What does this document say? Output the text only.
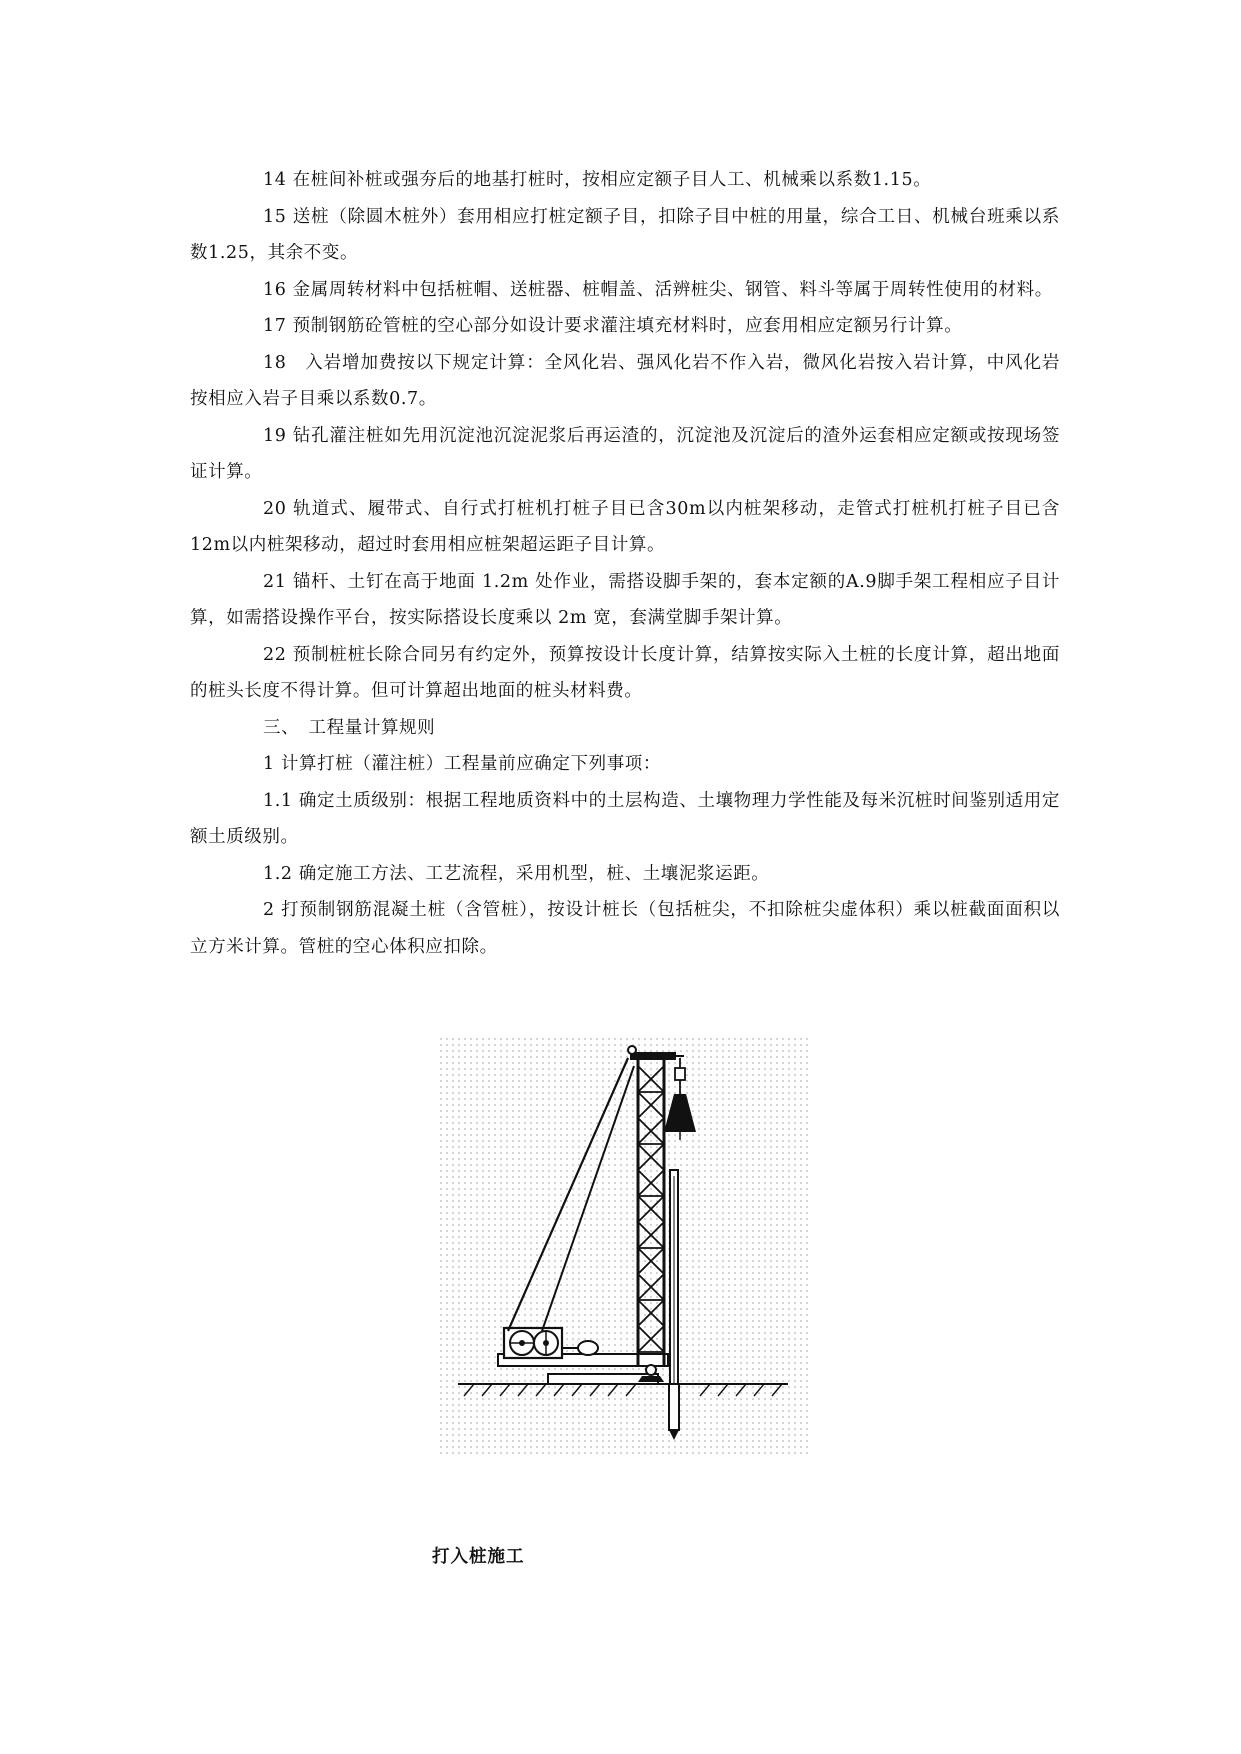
14 在桩间补桩或强夯后的地基打桩时，按相应定额子目人工、机械乘以系数1.15。

15 送桩（除圆木桩外）套用相应打桩定额子目，扣除子目中桩的用量，综合工日、机械台班乘以系数1.25，其余不变。

16 金属周转材料中包括桩帽、送桩器、桩帽盖、活辨桩尖、钢管、料斗等属于周转性使用的材料。

17 预制钢筋砼管桩的空心部分如设计要求灌注填充材料时，应套用相应定额另行计算。

18　入岩增加费按以下规定计算：全风化岩、强风化岩不作入岩，微风化岩按入岩计算，中风化岩按相应入岩子目乘以系数0.7。

19 钻孔灌注桩如先用沉淀池沉淀泥浆后再运渣的，沉淀池及沉淀后的渣外运套相应定额或按现场签证计算。

20 轨道式、履带式、自行式打桩机打桩子目已含30m以内桩架移动，走管式打桩机打桩子目已含12m以内桩架移动，超过时套用相应桩架超运距子目计算。

21 锚杆、土钉在高于地面 1.2m 处作业，需搭设脚手架的，套本定额的A.9脚手架工程相应子目计算，如需搭设操作平台，按实际搭设长度乘以 2m 宽，套满堂脚手架计算。

22 预制桩桩长除合同另有约定外，预算按设计长度计算，结算按实际入土桩的长度计算，超出地面的桩头长度不得计算。但可计算超出地面的桩头材料费。

三、　工程量计算规则

1 计算打桩（灌注桩）工程量前应确定下列事项：

1.1 确定土质级别：根据工程地质资料中的土层构造、土壤物理力学性能及每米沉桩时间鉴别适用定额土质级别。

1.2 确定施工方法、工艺流程，采用机型，桩、土壤泥浆运距。

2 打预制钢筋混凝土桩（含管桩），按设计桩长（包括桩尖，不扣除桩尖虚体积）乘以桩截面面积以立方米计算。管桩的空心体积应扣除。

打入桩施工
